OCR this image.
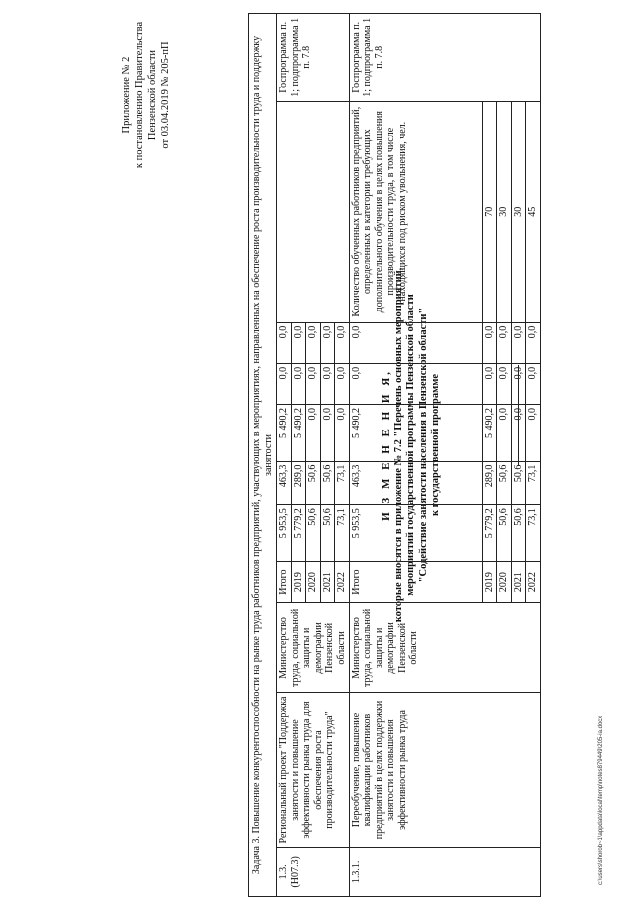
Приложение № 2 к постановлению Правительства Пензенской области от 03.04.2019 № 205-пП
И З М Е Н Е Н И Я, которые вносятся в приложение № 7.2 "Перечень основных мероприятий, мероприятий государственной программы Пензенской области "Содействие занятости населения в Пензенской области" к государственной программе
Задача 3. Повышение конкурентоспособности на рынке труда работников предприятий, участвующих в мероприятиях, направленных на обеспечение роста производительности труда и поддержку занятости										
1.3.
(Н07.3)	Региональный проект "Поддержка занятости и повышение эффективности рынка труда для обеспечения роста производительности труда"	Министерство труда, социальной защиты и демографии Пензенской области	Итого	5 953,5	463,3	5 490,2	0,0	0,0		Госпрограмма п. 1; подпрограмма 1 п. 7.8
			2019	5 779,2	289,0	5 490,2	0,0	0,0		
			2020	50,6	50,6	0,0	0,0	0,0		
			2021	50,6	50,6	0,0	0,0	0,0		
			2022	73,1	73,1	0,0	0,0	0,0		
1.3.1.	Переобучение, повышение квалификации работников предприятий в целях поддержки занятости и повышения эффективности рынка труда	Министерство труда, социальной защиты и демографии Пензенской области	Итого	5 953,5	463,3	5 490,2	0,0	0,0	Количество обученных работников предприятий, определенных в категории требующих дополнительного обучения в целях повышения производительности труда, в том числе находящихся под риском увольнения, чел.	Госпрограмма п. 1; подпрограмма 1 п. 7.8
			2019	5 779,2	289,0	5 490,2	0,0	0,0	70	
			2020	50,6	50,6	0,0	0,0	0,0	30	
			2021	50,6	50,6	0,0	0,0	0,0	30	
			2022	73,1	73,1	0,0	0,0	0,0	45	
c:\users\shorob~1\appdata\local\temp\notes879449\205-ia.docx
